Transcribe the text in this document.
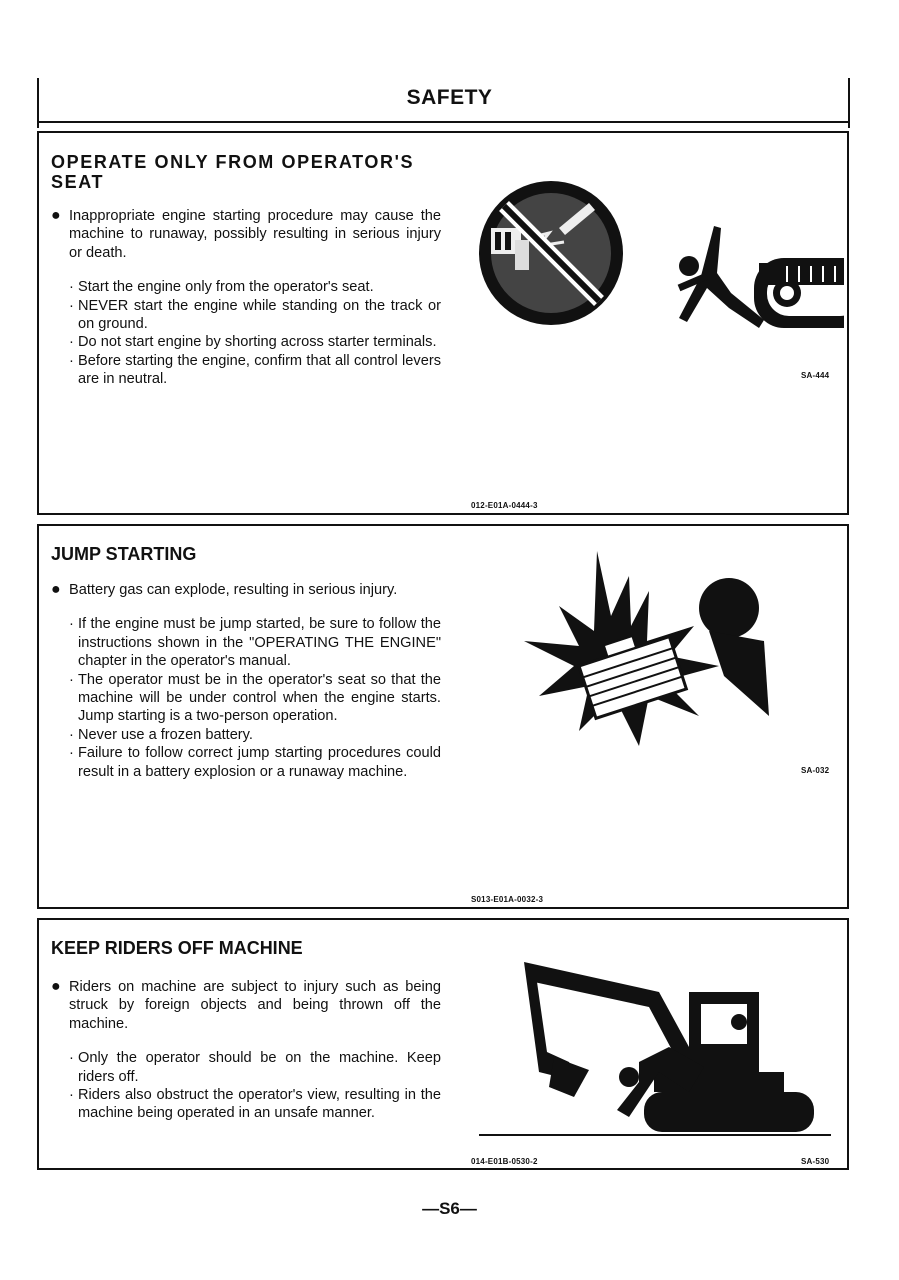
SAFETY
OPERATE ONLY FROM OPERATOR'S SEAT
● Inappropriate engine starting procedure may cause the machine to runaway, possibly resulting in serious injury or death.
· Start the engine only from the operator's seat.
· NEVER start the engine while standing on the track or on ground.
· Do not start engine by shorting across starter terminals.
· Before starting the engine, confirm that all control levers are in neutral.	SA-444
012-E01A-0444-3
JUMP STARTING
● Battery gas can explode, resulting in serious injury.
· If the engine must be jump started, be sure to follow the instructions shown in the "OPERATING THE ENGINE" chapter in the operator's manual.
· The operator must be in the operator's seat so that the machine will be under control when the engine starts. Jump starting is a two-person operation.
· Never use a frozen battery.
· Failure to follow correct jump starting procedures could result in a battery explosion or a runaway machine.	SA-032
S013-E01A-0032-3
KEEP RIDERS OFF MACHINE
● Riders on machine are subject to injury such as being struck by foreign objects and being thrown off the machine.
· Only the operator should be on the machine. Keep riders off.
· Riders also obstruct the operator's view, resulting in the machine being operated in an unsafe manner.
SA-530
014-E01B-0530-2
—S6—
